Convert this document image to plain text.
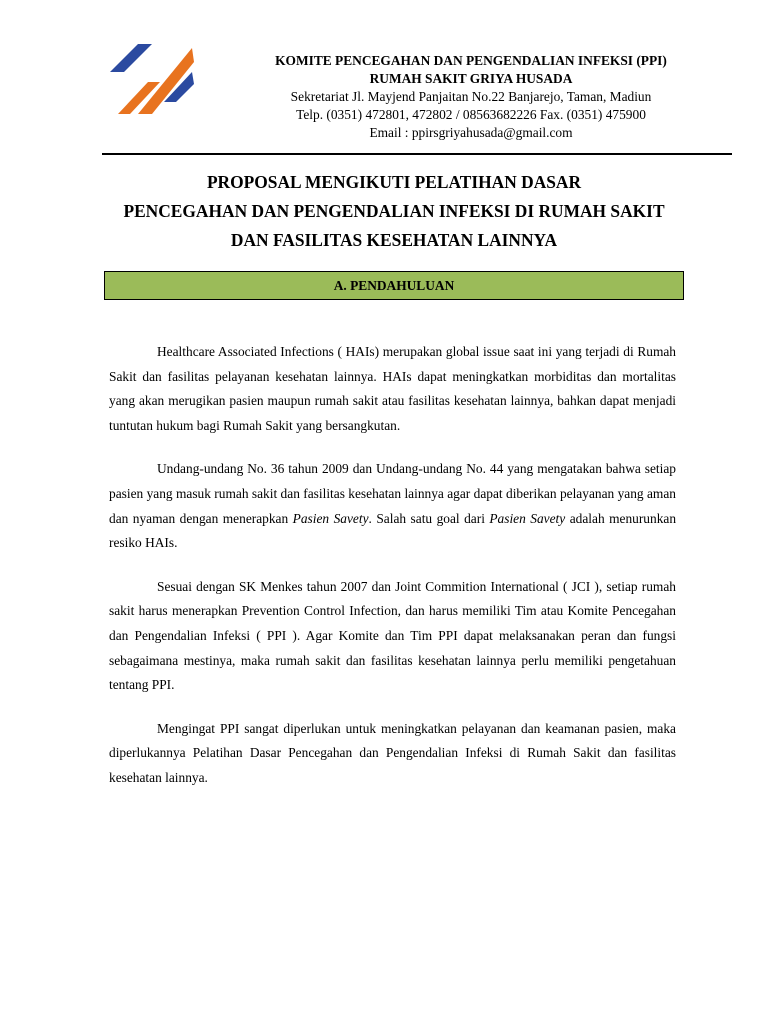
KOMITE PENCEGAHAN DAN PENGENDALIAN INFEKSI (PPI)
RUMAH SAKIT GRIYA HUSADA
Sekretariat Jl. Mayjend Panjaitan No.22 Banjarejo, Taman, Madiun
Telp. (0351) 472801, 472802 / 08563682226 Fax. (0351) 475900
Email : ppirsgriyahusada@gmail.com
PROPOSAL MENGIKUTI PELATIHAN DASAR
PENCEGAHAN DAN PENGENDALIAN INFEKSI DI RUMAH SAKIT
DAN FASILITAS KESEHATAN LAINNYA
A. PENDAHULUAN

Healthcare Associated Infections ( HAIs) merupakan global issue saat ini yang terjadi di Rumah Sakit dan fasilitas pelayanan kesehatan lainnya. HAIs dapat meningkatkan morbiditas dan mortalitas yang akan merugikan pasien maupun rumah sakit atau fasilitas kesehatan lainnya, bahkan dapat menjadi tuntutan hukum bagi Rumah Sakit yang bersangkutan.

Undang-undang No. 36 tahun 2009 dan Undang-undang No. 44 yang mengatakan bahwa setiap pasien yang masuk rumah sakit dan fasilitas kesehatan lainnya agar dapat diberikan pelayanan yang aman dan nyaman dengan menerapkan Pasien Savety. Salah satu goal dari Pasien Savety adalah menurunkan resiko HAIs.

Sesuai dengan SK Menkes tahun 2007 dan Joint Commition International ( JCI ), setiap rumah sakit harus menerapkan Prevention Control Infection, dan harus memiliki Tim atau Komite Pencegahan dan Pengendalian Infeksi ( PPI ). Agar Komite dan Tim PPI dapat melaksanakan peran dan fungsi sebagaimana mestinya, maka rumah sakit dan fasilitas kesehatan lainnya perlu memiliki pengetahuan tentang PPI.

Mengingat PPI sangat diperlukan untuk meningkatkan pelayanan dan keamanan pasien, maka diperlukannya Pelatihan Dasar Pencegahan dan Pengendalian Infeksi di Rumah Sakit dan fasilitas kesehatan lainnya.
